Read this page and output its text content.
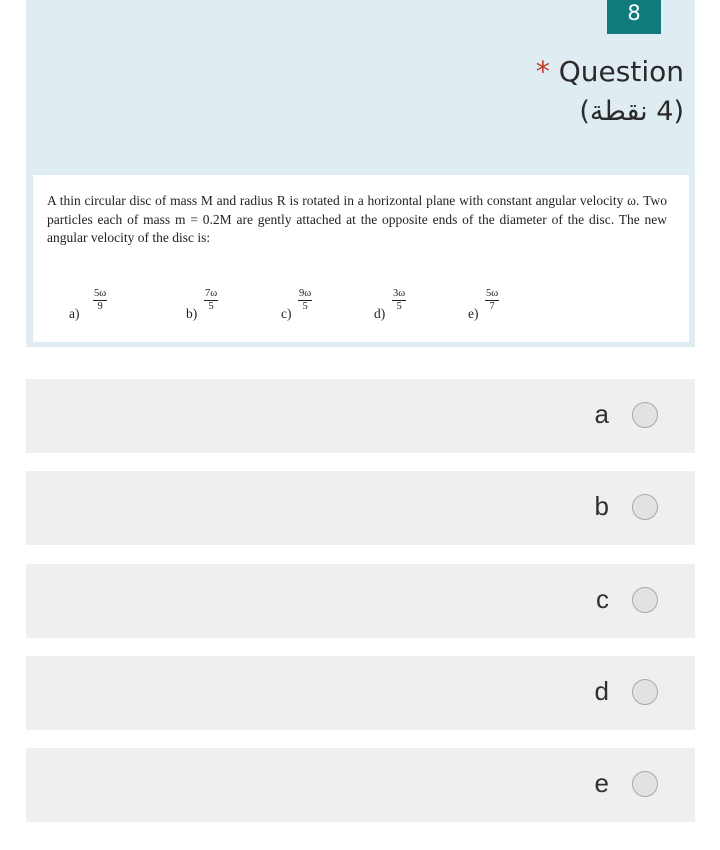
8
* Question
(4 نقطة)
A thin circular disc of mass M and radius R is rotated in a horizontal plane with constant angular velocity ω. Two particles each of mass m = 0.2M are gently attached at the opposite ends of the diameter of the disc. The new angular velocity of the disc is:
a)
$\frac{5\omega}{9}$
b)
$\frac{7\omega}{5}$
c)
$\frac{9\omega}{5}$
d)
$\frac{3\omega}{5}$
e)
$\frac{5\omega}{7}$
a
b
c
d
e
